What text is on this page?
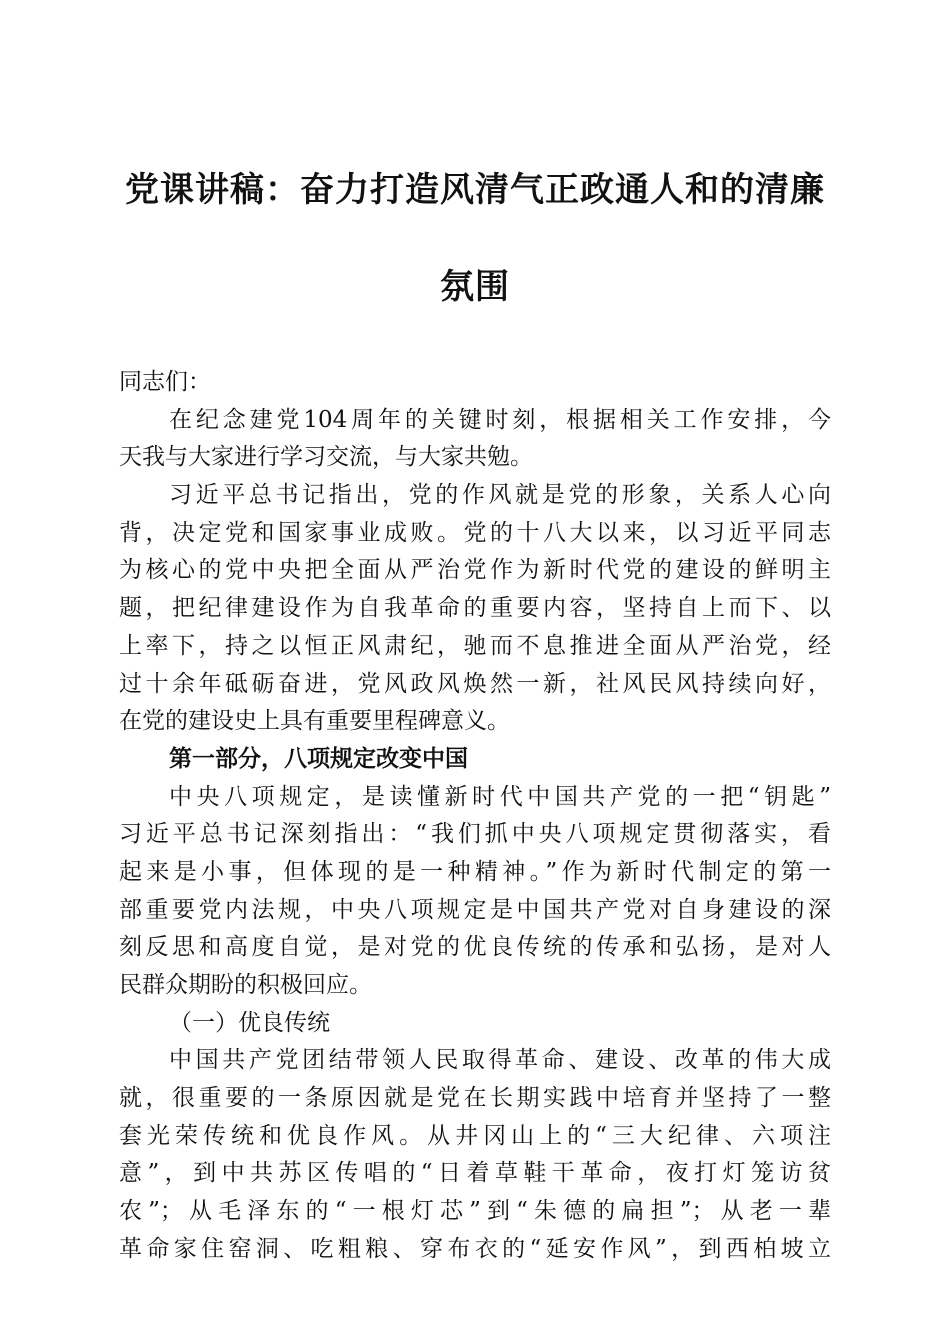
党课讲稿：奋力打造风清气正政通人和的清廉
氛围
同志们：
在纪念建党104周年的关键时刻，根据相关工作安排，今
天我与大家进行学习交流，与大家共勉。
习近平总书记指出，党的作风就是党的形象，关系人心向
背，决定党和国家事业成败。党的十八大以来，以习近平同志
为核心的党中央把全面从严治党作为新时代党的建设的鲜明主
题，把纪律建设作为自我革命的重要内容，坚持自上而下、以
上率下，持之以恒正风肃纪，驰而不息推进全面从严治党，经
过十余年砥砺奋进，党风政风焕然一新，社风民风持续向好，
在党的建设史上具有重要里程碑意义。
第一部分，八项规定改变中国
中央八项规定，是读懂新时代中国共产党的一把“钥匙”
习近平总书记深刻指出：“我们抓中央八项规定贯彻落实，看
起来是小事，但体现的是一种精神。”作为新时代制定的第一
部重要党内法规，中央八项规定是中国共产党对自身建设的深
刻反思和高度自觉，是对党的优良传统的传承和弘扬，是对人
民群众期盼的积极回应。
（一）优良传统
中国共产党团结带领人民取得革命、建设、改革的伟大成
就，很重要的一条原因就是党在长期实践中培育并坚持了一整
套光荣传统和优良作风。从井冈山上的“三大纪律、六项注
意”，到中共苏区传唱的“日着草鞋干革命，夜打灯笼访贫
农”；从毛泽东的“一根灯芯”到“朱德的扁担”；从老一辈
革命家住窑洞、吃粗粮、穿布衣的“延安作风”，到西柏坡立
